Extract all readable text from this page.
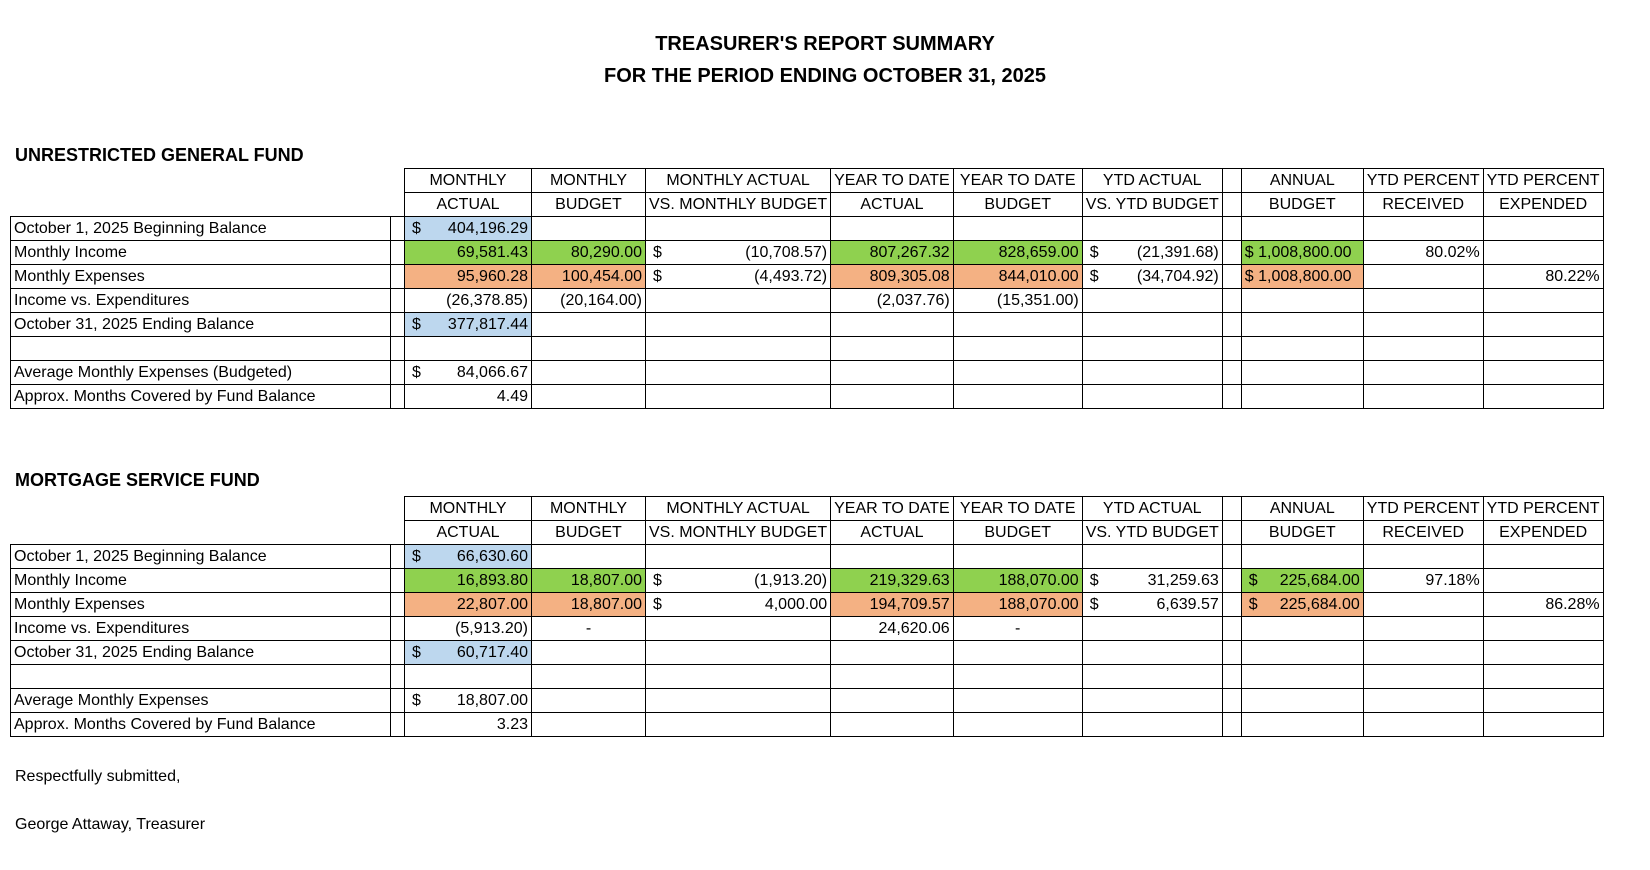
TREASURER'S REPORT SUMMARY
FOR THE PERIOD ENDING OCTOBER 31, 2025
UNRESTRICTED GENERAL FUND
		MONTHLY	MONTHLY	MONTHLY ACTUAL	YEAR TO DATE	YEAR TO DATE	YTD ACTUAL		ANNUAL	YTD PERCENT	YTD PERCENT
		ACTUAL	BUDGET	VS. MONTHLY BUDGET	ACTUAL	BUDGET	VS. YTD BUDGET		BUDGET	RECEIVED	EXPENDED
October 1, 2025 Beginning Balance		$ 404,196.29									

Monthly Income		69,581.43	80,290.00	$ (10,708.57)	807,267.32	828,659.00	$ (21,391.68)		$ 1,008,800.00	80.02%	
Monthly Expenses		95,960.28	100,454.00	$ (4,493.72)	809,305.08	844,010.00	$ (34,704.92)		$ 1,008,800.00		80.22%
Income vs. Expenditures		(26,378.85)	(20,164.00)		(2,037.76)	(15,351.00)					
October 31, 2025 Ending Balance		$ 377,817.44									

Average Monthly Expenses (Budgeted)		$ 84,066.67									

Approx. Months Covered by Fund Balance		4.49									
MORTGAGE SERVICE FUND
		MONTHLY	MONTHLY	MONTHLY ACTUAL	YEAR TO DATE	YEAR TO DATE	YTD ACTUAL		ANNUAL	YTD PERCENT	YTD PERCENT
		ACTUAL	BUDGET	VS. MONTHLY BUDGET	ACTUAL	BUDGET	VS. YTD BUDGET		BUDGET	RECEIVED	EXPENDED
October 1, 2025 Beginning Balance		$ 66,630.60									

Monthly Income		16,893.80	18,807.00	$ (1,913.20)	219,329.63	188,070.00	$ 31,259.63		$ 225,684.00	97.18%	
Monthly Expenses		22,807.00	18,807.00	$ 4,000.00	194,709.57	188,070.00	$ 6,639.57		$ 225,684.00		86.28%
Income vs. Expenditures		(5,913.20)	-		24,620.06	-					
October 31, 2025 Ending Balance		$ 60,717.40									

Average Monthly Expenses		$ 18,807.00									

Approx. Months Covered by Fund Balance		3.23									

Respectfully submitted,

George Attaway, Treasurer
